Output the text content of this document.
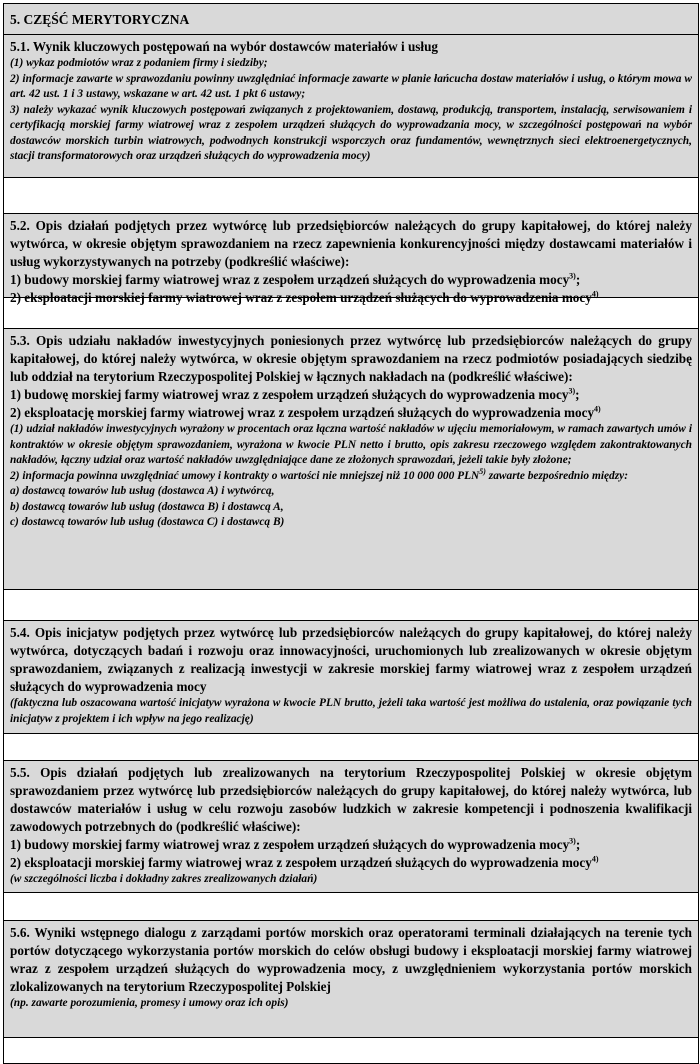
5. CZĘŚĆ MERYTORYCZNA
5.1. Wynik kluczowych postępowań na wybór dostawców materiałów i usług
(1) wykaz podmiotów wraz z podaniem firmy i siedziby;
2) informacje zawarte w sprawozdaniu powinny uwzględniać informacje zawarte w planie łańcucha dostaw materiałów i usług, o którym mowa w art. 42 ust. 1 i 3 ustawy, wskazane w art. 42 ust. 1 pkt 6 ustawy;
3) należy wykazać wynik kluczowych postępowań związanych z projektowaniem, dostawą, produkcją, transportem, instalacją, serwisowaniem i certyfikacją morskiej farmy wiatrowej wraz z zespołem urządzeń służących do wyprowadzania mocy, w szczególności postępowań na wybór dostawców morskich turbin wiatrowych, podwodnych konstrukcji wsporczych oraz fundamentów, wewnętrznych sieci elektroenergetycznych, stacji transformatorowych oraz urządzeń służących do wyprowadzenia mocy)
5.2. Opis działań podjętych przez wytwórcę lub przedsiębiorców należących do grupy kapitałowej, do której należy wytwórca, w okresie objętym sprawozdaniem na rzecz zapewnienia konkurencyjności między dostawcami materiałów i usług wykorzystywanych na potrzeby (podkreślić właściwe):
1) budowy morskiej farmy wiatrowej wraz z zespołem urządzeń służących do wyprowadzenia mocy$^{3)}$;
2) eksploatacji morskiej farmy wiatrowej wraz z zespołem urządzeń służących do wyprowadzenia mocy$^{4)}$
5.3. Opis udziału nakładów inwestycyjnych poniesionych przez wytwórcę lub przedsiębiorców należących do grupy kapitałowej, do której należy wytwórca, w okresie objętym sprawozdaniem na rzecz podmiotów posiadających siedzibę lub oddział na terytorium Rzeczypospolitej Polskiej w łącznych nakładach na (podkreślić właściwe):
1) budowę morskiej farmy wiatrowej wraz z zespołem urządzeń służących do wyprowadzenia mocy$^{3)}$;
2) eksploatację morskiej farmy wiatrowej wraz z zespołem urządzeń służących do wyprowadzenia mocy$^{4)}$
(1) udział nakładów inwestycyjnych wyrażony w procentach oraz łączna wartość nakładów w ujęciu memoriałowym, w ramach zawartych umów i kontraktów w okresie objętym sprawozdaniem, wyrażona w kwocie PLN netto i brutto, opis zakresu rzeczowego względem zakontraktowanych nakładów, łączny udział oraz wartość nakładów uwzględniające dane ze złożonych sprawozdań, jeżeli takie były złożone;
2) informacja powinna uwzględniać umowy i kontrakty o wartości nie mniejszej niż 10 000 000 PLN$^{5)}$ zawarte bezpośrednio między:
a) dostawcą towarów lub usług (dostawca A) i wytwórcą,
b) dostawcą towarów lub usług (dostawca B) i dostawcą A,
c) dostawcą towarów lub usług (dostawca C) i dostawcą B)
5.4. Opis inicjatyw podjętych przez wytwórcę lub przedsiębiorców należących do grupy kapitałowej, do której należy wytwórca, dotyczących badań i rozwoju oraz innowacyjności, uruchomionych lub zrealizowanych w okresie objętym sprawozdaniem, związanych z realizacją inwestycji w zakresie morskiej farmy wiatrowej wraz z zespołem urządzeń służących do wyprowadzenia mocy
(faktyczna lub oszacowana wartość inicjatyw wyrażona w kwocie PLN brutto, jeżeli taka wartość jest możliwa do ustalenia, oraz powiązanie tych inicjatyw z projektem i ich wpływ na jego realizację)
5.5. Opis działań podjętych lub zrealizowanych na terytorium Rzeczypospolitej Polskiej w okresie objętym sprawozdaniem przez wytwórcę lub przedsiębiorców należących do grupy kapitałowej, do której należy wytwórca, lub dostawców materiałów i usług w celu rozwoju zasobów ludzkich w zakresie kompetencji i podnoszenia kwalifikacji zawodowych potrzebnych do (podkreślić właściwe):
1) budowy morskiej farmy wiatrowej wraz z zespołem urządzeń służących do wyprowadzenia mocy$^{3)}$;
2) eksploatacji morskiej farmy wiatrowej wraz z zespołem urządzeń służących do wyprowadzenia mocy$^{4)}$
(w szczególności liczba i dokładny zakres zrealizowanych działań)
5.6. Wyniki wstępnego dialogu z zarządami portów morskich oraz operatorami terminali działających na terenie tych portów dotyczącego wykorzystania portów morskich do celów obsługi budowy i eksploatacji morskiej farmy wiatrowej wraz z zespołem urządzeń służących do wyprowadzenia mocy, z uwzględnieniem wykorzystania portów morskich zlokalizowanych na terytorium Rzeczypospolitej Polskiej
(np. zawarte porozumienia, promesy i umowy oraz ich opis)
